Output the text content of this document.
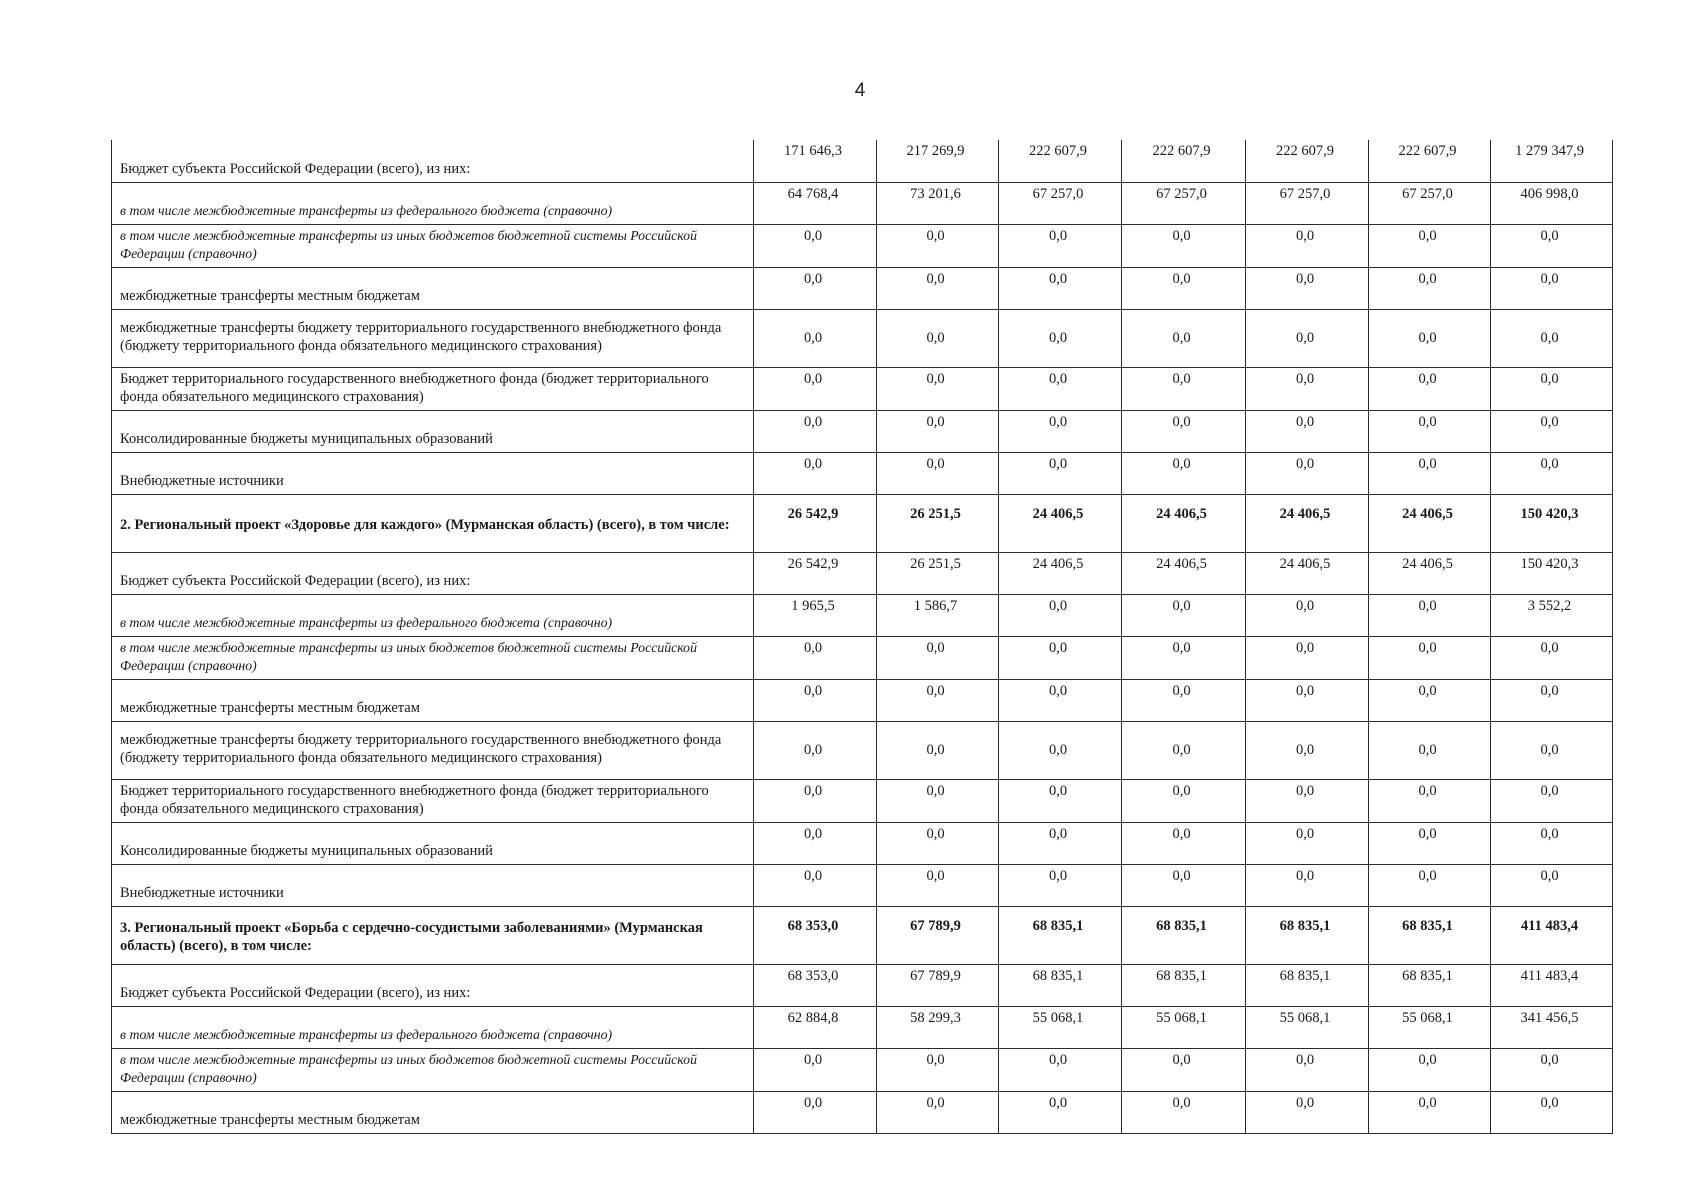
4
Бюджет субъекта Российской Федерации (всего), из них:	171 646,3	217 269,9	222 607,9	222 607,9	222 607,9	222 607,9	1 279 347,9
в том числе межбюджетные трансферты из федерального бюджета (справочно)	64 768,4	73 201,6	67 257,0	67 257,0	67 257,0	67 257,0	406 998,0
в том числе межбюджетные трансферты из иных бюджетов бюджетной системы Российской Федерации (справочно)	0,0	0,0	0,0	0,0	0,0	0,0	0,0
межбюджетные трансферты местным бюджетам	0,0	0,0	0,0	0,0	0,0	0,0	0,0
межбюджетные трансферты бюджету территориального государственного внебюджетного фонда (бюджету территориального фонда обязательного медицинского страхования)	0,0	0,0	0,0	0,0	0,0	0,0	0,0
Бюджет территориального государственного внебюджетного фонда (бюджет территориального фонда обязательного медицинского страхования)	0,0	0,0	0,0	0,0	0,0	0,0	0,0
Консолидированные бюджеты муниципальных образований	0,0	0,0	0,0	0,0	0,0	0,0	0,0
Внебюджетные источники	0,0	0,0	0,0	0,0	0,0	0,0	0,0
2. Региональный проект «Здоровье для каждого» (Мурманская область) (всего), в том числе:	26 542,9	26 251,5	24 406,5	24 406,5	24 406,5	24 406,5	150 420,3
Бюджет субъекта Российской Федерации (всего), из них:	26 542,9	26 251,5	24 406,5	24 406,5	24 406,5	24 406,5	150 420,3
в том числе межбюджетные трансферты из федерального бюджета (справочно)	1 965,5	1 586,7	0,0	0,0	0,0	0,0	3 552,2
в том числе межбюджетные трансферты из иных бюджетов бюджетной системы Российской Федерации (справочно)	0,0	0,0	0,0	0,0	0,0	0,0	0,0
межбюджетные трансферты местным бюджетам	0,0	0,0	0,0	0,0	0,0	0,0	0,0
межбюджетные трансферты бюджету территориального государственного внебюджетного фонда (бюджету территориального фонда обязательного медицинского страхования)	0,0	0,0	0,0	0,0	0,0	0,0	0,0
Бюджет территориального государственного внебюджетного фонда (бюджет территориального фонда обязательного медицинского страхования)	0,0	0,0	0,0	0,0	0,0	0,0	0,0
Консолидированные бюджеты муниципальных образований	0,0	0,0	0,0	0,0	0,0	0,0	0,0
Внебюджетные источники	0,0	0,0	0,0	0,0	0,0	0,0	0,0
3. Региональный проект «Борьба с сердечно-сосудистыми заболеваниями» (Мурманская область) (всего), в том числе:	68 353,0	67 789,9	68 835,1	68 835,1	68 835,1	68 835,1	411 483,4
Бюджет субъекта Российской Федерации (всего), из них:	68 353,0	67 789,9	68 835,1	68 835,1	68 835,1	68 835,1	411 483,4
в том числе межбюджетные трансферты из федерального бюджета (справочно)	62 884,8	58 299,3	55 068,1	55 068,1	55 068,1	55 068,1	341 456,5
в том числе межбюджетные трансферты из иных бюджетов бюджетной системы Российской Федерации (справочно)	0,0	0,0	0,0	0,0	0,0	0,0	0,0
межбюджетные трансферты местным бюджетам	0,0	0,0	0,0	0,0	0,0	0,0	0,0
